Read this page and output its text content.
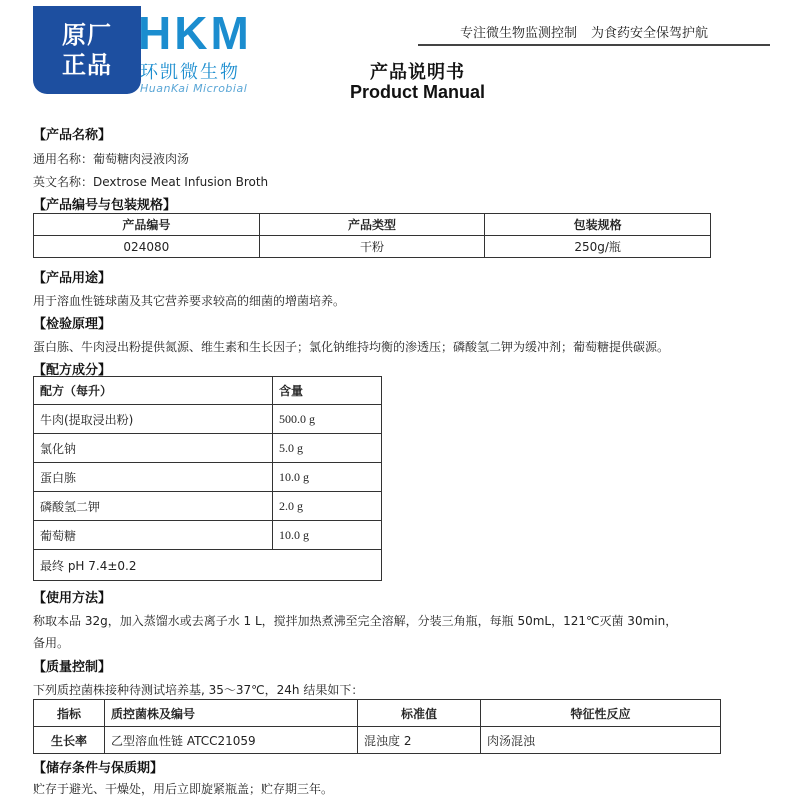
原厂
正品
HKM
环凯微生物
HuanKai Microbial
专注微生物监测控制 为食药安全保驾护航
产品说明书
Product Manual
【产品名称】
通用名称：葡萄糖肉浸液肉汤
英文名称：Dextrose Meat Infusion Broth
【产品编号与包装规格】
产品编号	产品类型	包装规格
024080	干粉	250g/瓶
【产品用途】
用于溶血性链球菌及其它营养要求较高的细菌的增菌培养。
【检验原理】
蛋白胨、牛肉浸出粉提供氮源、维生素和生长因子；氯化钠维持均衡的渗透压；磷酸氢二钾为缓冲剂；葡萄糖提供碳源。
【配方成分】
配方（每升）	含量
牛肉(提取浸出粉)	500.0 g
氯化钠	5.0 g
蛋白胨	10.0 g
磷酸氢二钾	2.0 g
葡萄糖	10.0 g
最终 pH 7.4±0.2	
【使用方法】
称取本品 32g，加入蒸馏水或去离子水 1 L，搅拌加热煮沸至完全溶解，分装三角瓶，每瓶 50mL，121℃灭菌 30min，
备用。
【质量控制】
下列质控菌株接种待测试培养基, 35～37℃，24h 结果如下：
指标	质控菌株及编号	标准值	特征性反应
生长率	乙型溶血性链 ATCC21059	混浊度 2	肉汤混浊
【储存条件与保质期】
贮存于避光、干燥处，用后立即旋紧瓶盖；贮存期三年。
